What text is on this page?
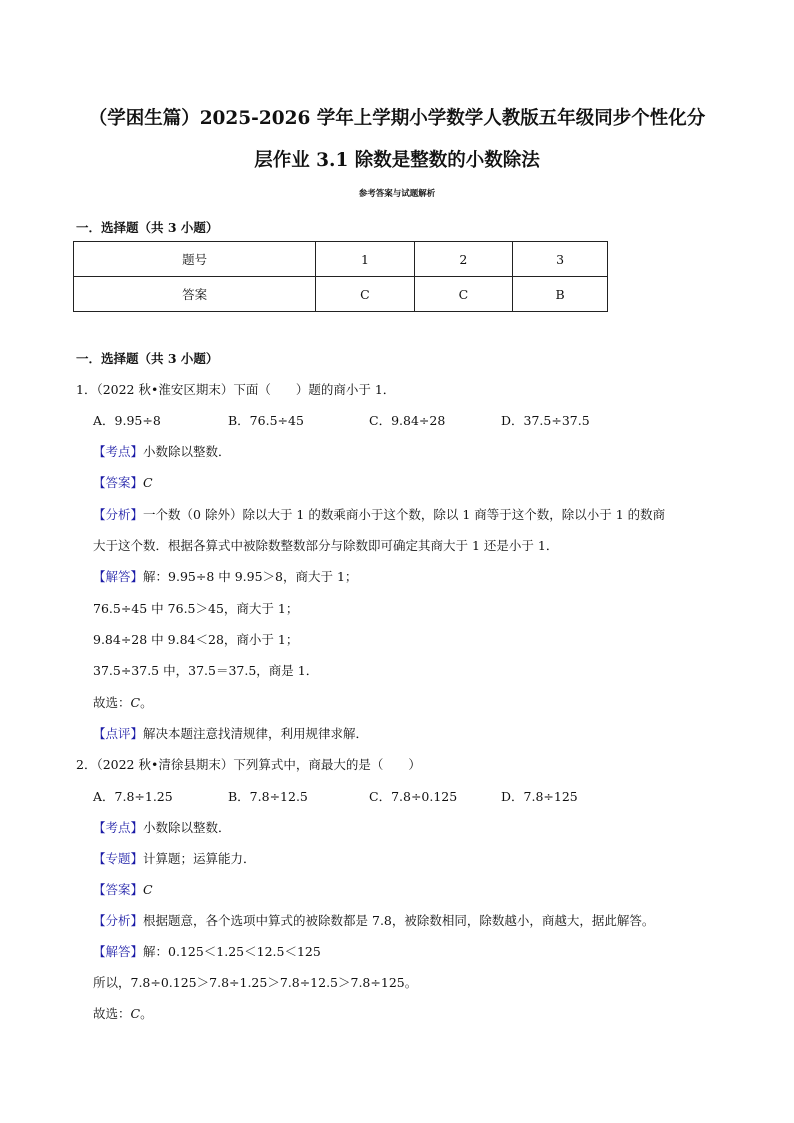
（学困生篇）2025-2026 学年上学期小学数学人教版五年级同步个性化分
层作业 3.1 除数是整数的小数除法
参考答案与试题解析
一．选择题（共 3 小题）
题号	1	2	3
答案	C	C	B
一．选择题（共 3 小题）
1．（2022 秋•淮安区期末）下面（　　）题的商小于 1．
A．9.95÷8	B．76.5÷45	C．9.84÷28	D．37.5÷37.5
【考点】小数除以整数．
【答案】C
【分析】一个数（0 除外）除以大于 1 的数乘商小于这个数，除以 1 商等于这个数，除以小于 1 的数商
大于这个数．根据各算式中被除数整数部分与除数即可确定其商大于 1 还是小于 1．
【解答】解：9.95÷8 中 9.95＞8，商大于 1；
76.5÷45 中 76.5＞45，商大于 1；
9.84÷28 中 9.84＜28，商小于 1；
37.5÷37.5 中，37.5＝37.5，商是 1．
故选：C。
【点评】解决本题注意找清规律，利用规律求解．
2．（2022 秋•清徐县期末）下列算式中，商最大的是（　　）
A．7.8÷1.25	B．7.8÷12.5	C．7.8÷0.125	D．7.8÷125
【考点】小数除以整数．
【专题】计算题；运算能力．
【答案】C
【分析】根据题意，各个选项中算式的被除数都是 7.8，被除数相同，除数越小，商越大，据此解答。
【解答】解：0.125＜1.25＜12.5＜125
所以，7.8÷0.125＞7.8÷1.25＞7.8÷12.5＞7.8÷125。
故选：C。
